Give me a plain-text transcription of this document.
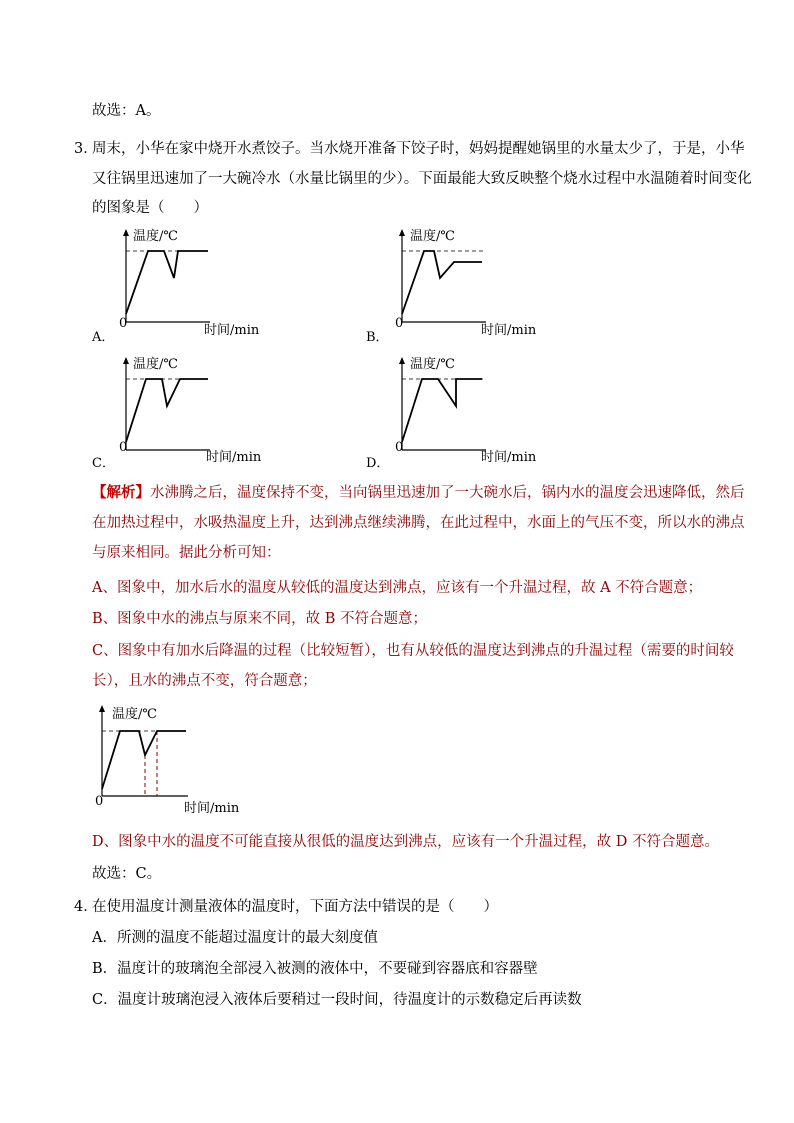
故选：A。
3．
周末，小华在家中烧开水煮饺子。当水烧开准备下饺子时，妈妈提醒她锅里的水量太少了，于是，小华
又往锅里迅速加了一大碗冷水（水量比锅里的少）。下面最能大致反映整个烧水过程中水温随着时间变化
的图象是（　　）
温度/℃
0	时间/min
A．
温度/℃
0	时间/min
B．
温度/℃
0
时间/min
C．
温度/℃
0
时间/min
D．
【解析】水沸腾之后，温度保持不变，当向锅里迅速加了一大碗水后，锅内水的温度会迅速降低，然后
在加热过程中，水吸热温度上升，达到沸点继续沸腾，在此过程中，水面上的气压不变，所以水的沸点
与原来相同。据此分析可知：
A、图象中，加水后水的温度从较低的温度达到沸点，应该有一个升温过程，故 A 不符合题意；
B、图象中水的沸点与原来不同，故 B 不符合题意；
C、图象中有加水后降温的过程（比较短暂），也有从较低的温度达到沸点的升温过程（需要的时间较
长），且水的沸点不变，符合题意；
温度/℃
0	时间/min
D、图象中水的温度不可能直接从很低的温度达到沸点，应该有一个升温过程，故 D 不符合题意。
故选：C。
4．
在使用温度计测量液体的温度时，下面方法中错误的是（　　）
A．所测的温度不能超过温度计的最大刻度值
B．温度计的玻璃泡全部浸入被测的液体中，不要碰到容器底和容器壁
C．温度计玻璃泡浸入液体后要稍过一段时间，待温度计的示数稳定后再读数
